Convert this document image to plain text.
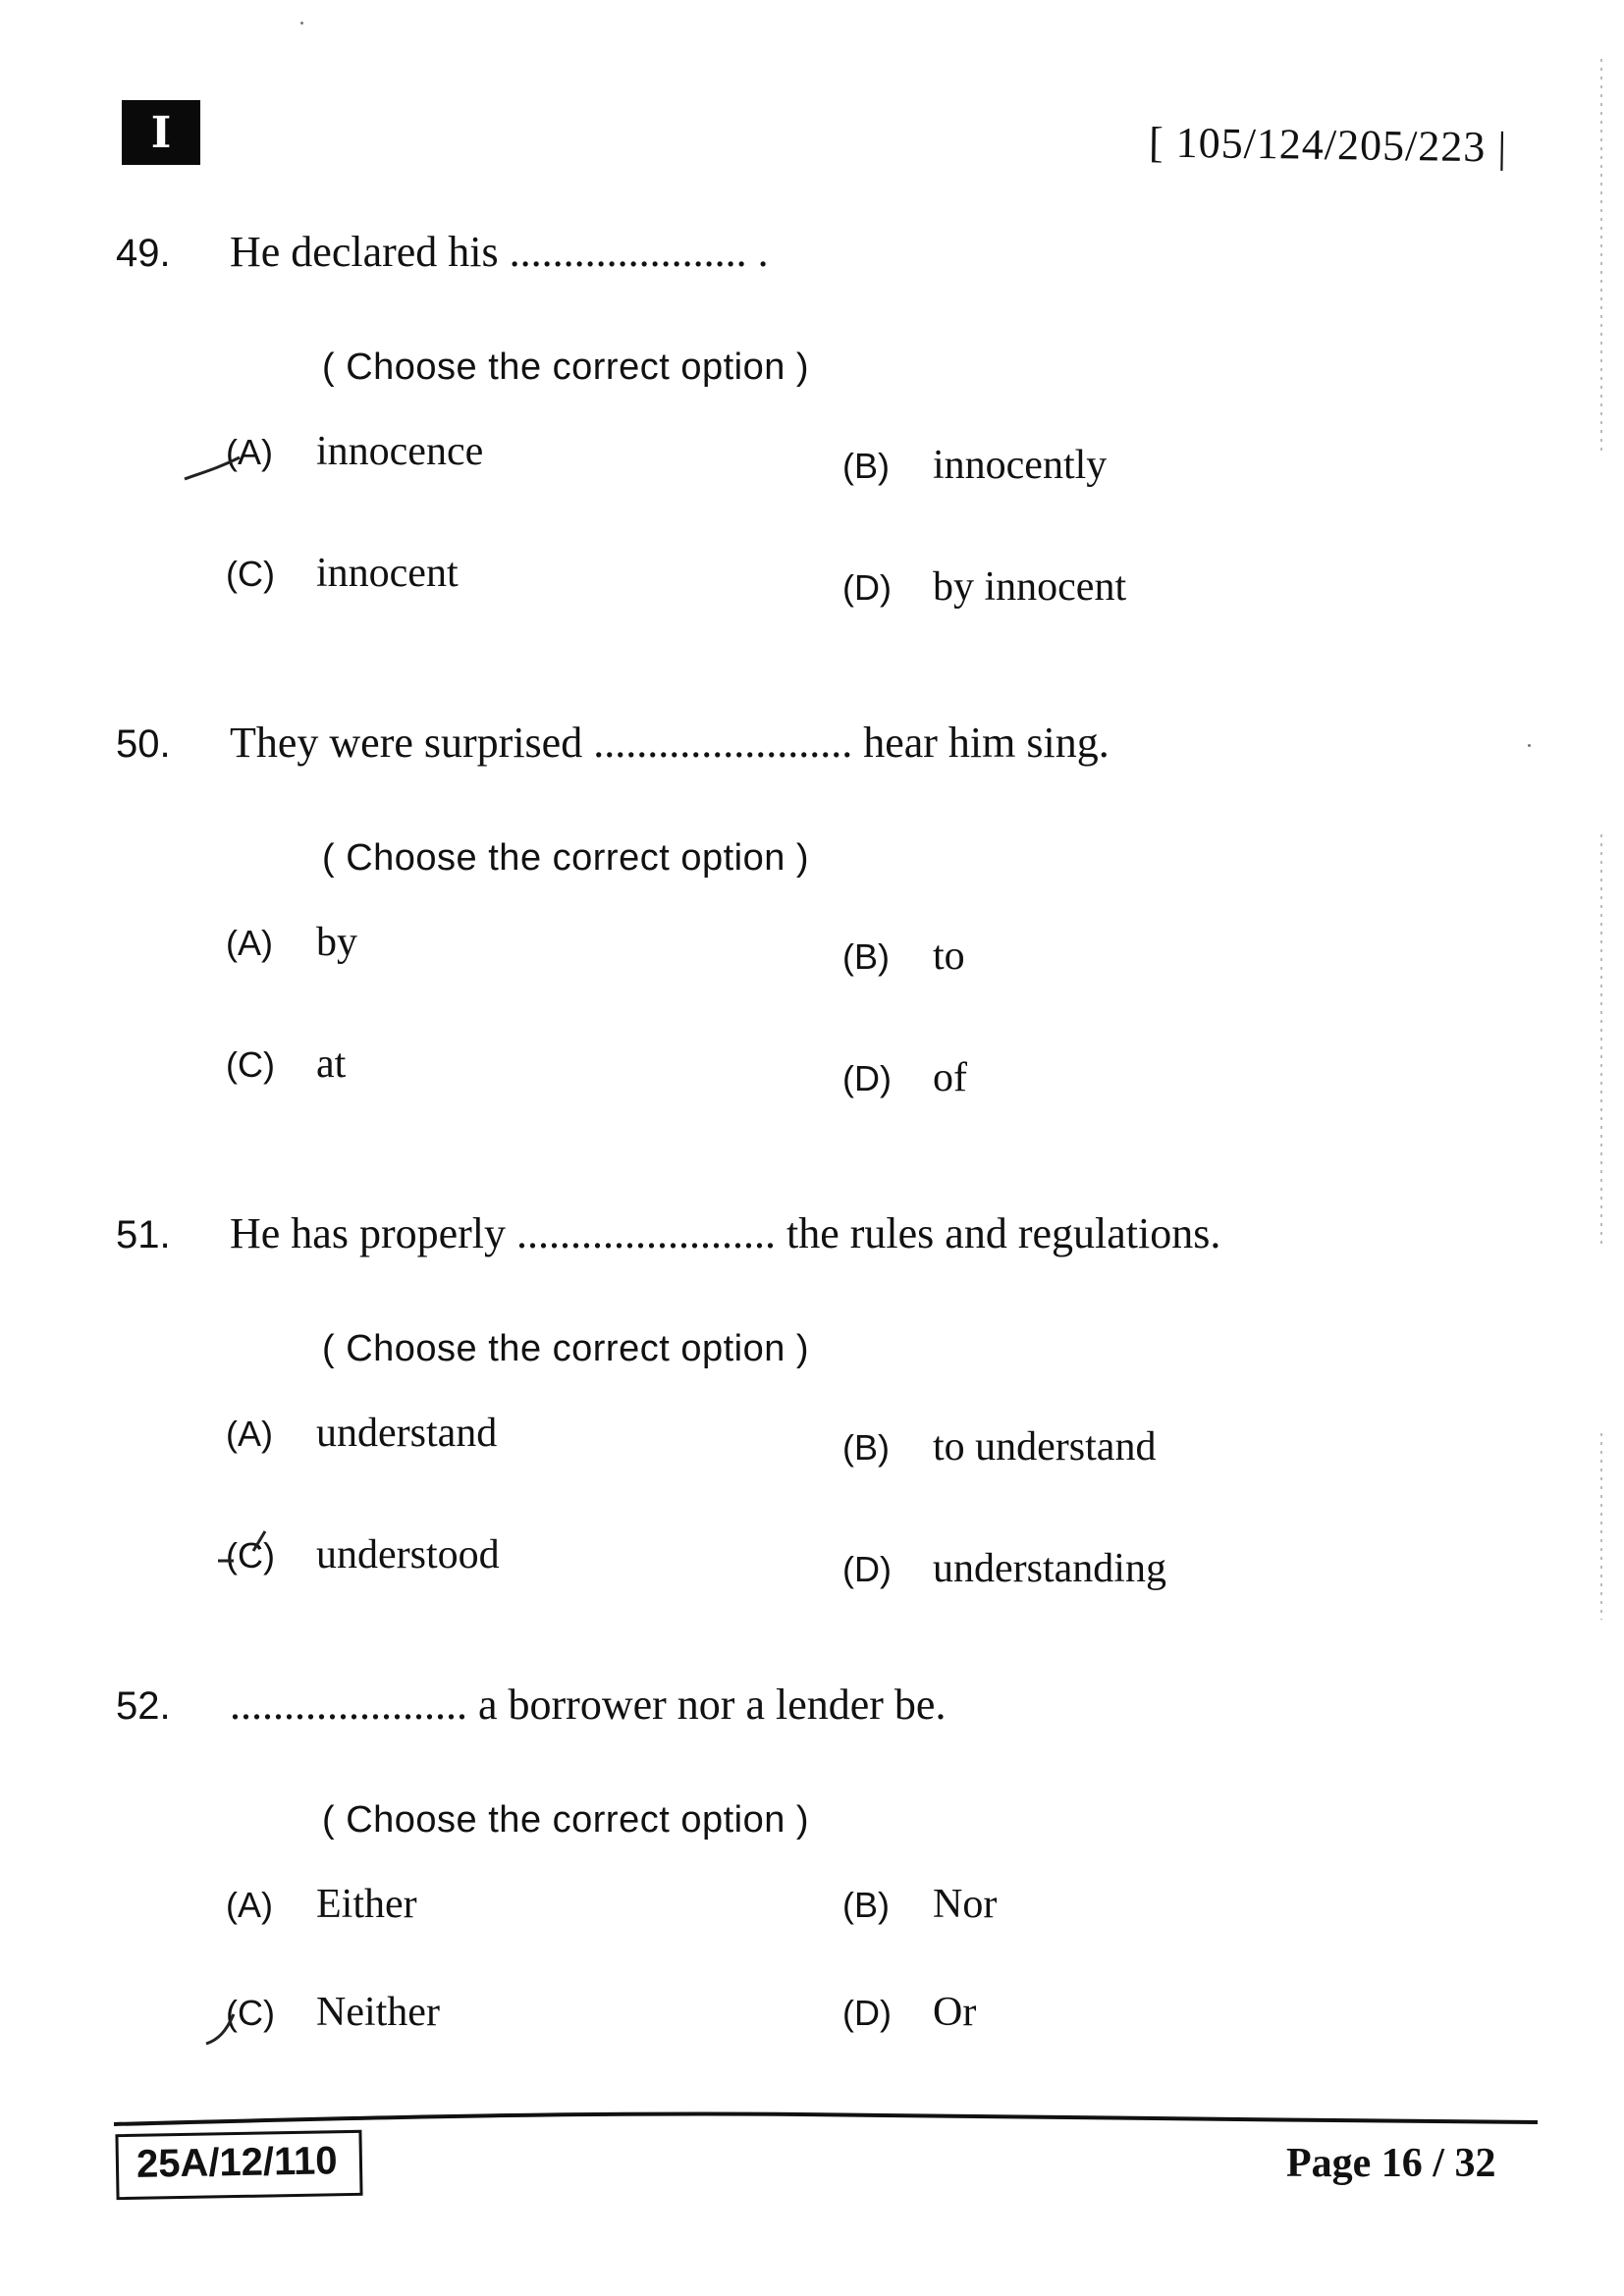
I	[ 105/124/205/223 |
49.	He declared his ...................... .
( Choose the correct option )
(A)	innocence	(B)	innocently
(C)	innocent	(D)	by innocent
50.	They were surprised ........................ hear him sing.
( Choose the correct option )
(A)	by	(B)	to
(C)	at	(D)	of
51.	He has properly ........................ the rules and regulations.
( Choose the correct option )
(A)	understand	(B)	to understand
(C)	understood	(D)	understanding
52.	...................... a borrower nor a lender be.
( Choose the correct option )
(A)	Either	(B)	Nor
(C)	Neither	(D)	Or
25A/12/110	Page 16 / 32
